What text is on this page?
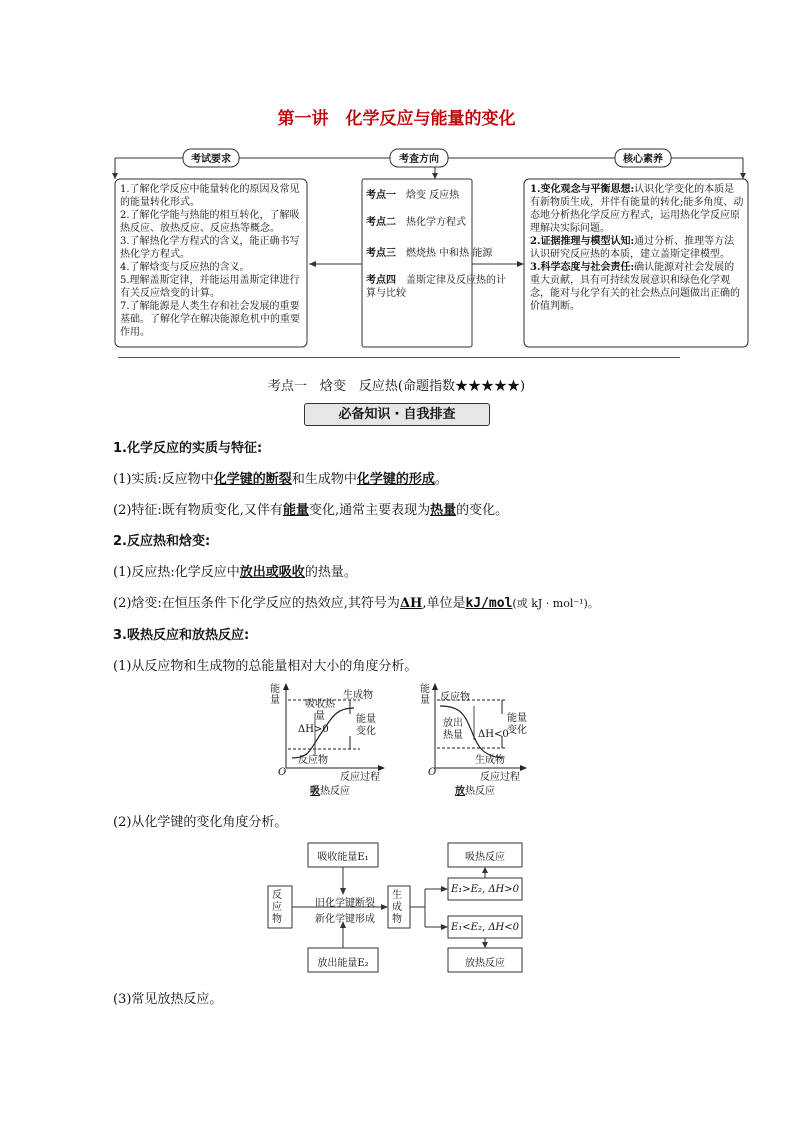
第一讲　化学反应与能量的变化
考试要求	考查方向	核心素养
1.了解化学反应中能量转化的原因及常见的能量转化形式。
2.了解化学能与热能的相互转化，了解吸热反应、放热反应、反应热等概念。
3.了解热化学方程式的含义，能正确书写热化学方程式。
4.了解焓变与反应热的含义。
5.理解盖斯定律，并能运用盖斯定律进行有关反应焓变的计算。
7.了解能源是人类生存和社会发展的重要基础。了解化学在解决能源危机中的重要作用。
考点一　 焓变 反应热
考点二　 热化学方程式
考点三　 燃烧热 中和热 能源
考点四　 盖斯定律及反应热的计算与比较
1.变化观念与平衡思想:认识化学变化的本质是有新物质生成，并伴有能量的转化;能多角度、动态地分析热化学反应方程式，运用热化学反应原理解决实际问题。
2.证据推理与模型认知:通过分析、推理等方法认识研究反应热的本质，建立盖斯定律模型。
3.科学态度与社会责任:确认能源对社会发展的重大贡献，具有可持续发展意识和绿色化学观念，能对与化学有关的社会热点问题做出正确的价值判断。
考点一　焓变　反应热(命题指数★★★★★)
必备知识・自我排查
1.化学反应的实质与特征:
(1)实质:反应物中化学键的断裂和生成物中化学键的形成。
(2)特征:既有物质变化,又伴有能量变化,通常主要表现为热量的变化。
2.反应热和焓变:
(1)反应热:化学反应中放出或吸收的热量。
(2)焓变:在恒压条件下化学反应的热效应,其符号为ΔH,单位是kJ/mol(或 kJ · mol⁻¹)。
3.吸热反应和放热反应:
(1)从反应物和生成物的总能量相对大小的角度分析。
能量	生成物
吸收热量
ΔH>0
能量变化
反应物
O	反应过程
吸热反应
能量 反应物
放出热量	ΔH<0
能量变化
生成物
O	反应过程
放热反应
(2)从化学键的变化角度分析。
吸收能量E₁
放出能量E₂
反应物
旧化学键断裂
新化学键形成
生成物
吸热反应
E₁>E₂, ΔH>0
E₁<E₂, ΔH<0
放热反应
(3)常见放热反应。
